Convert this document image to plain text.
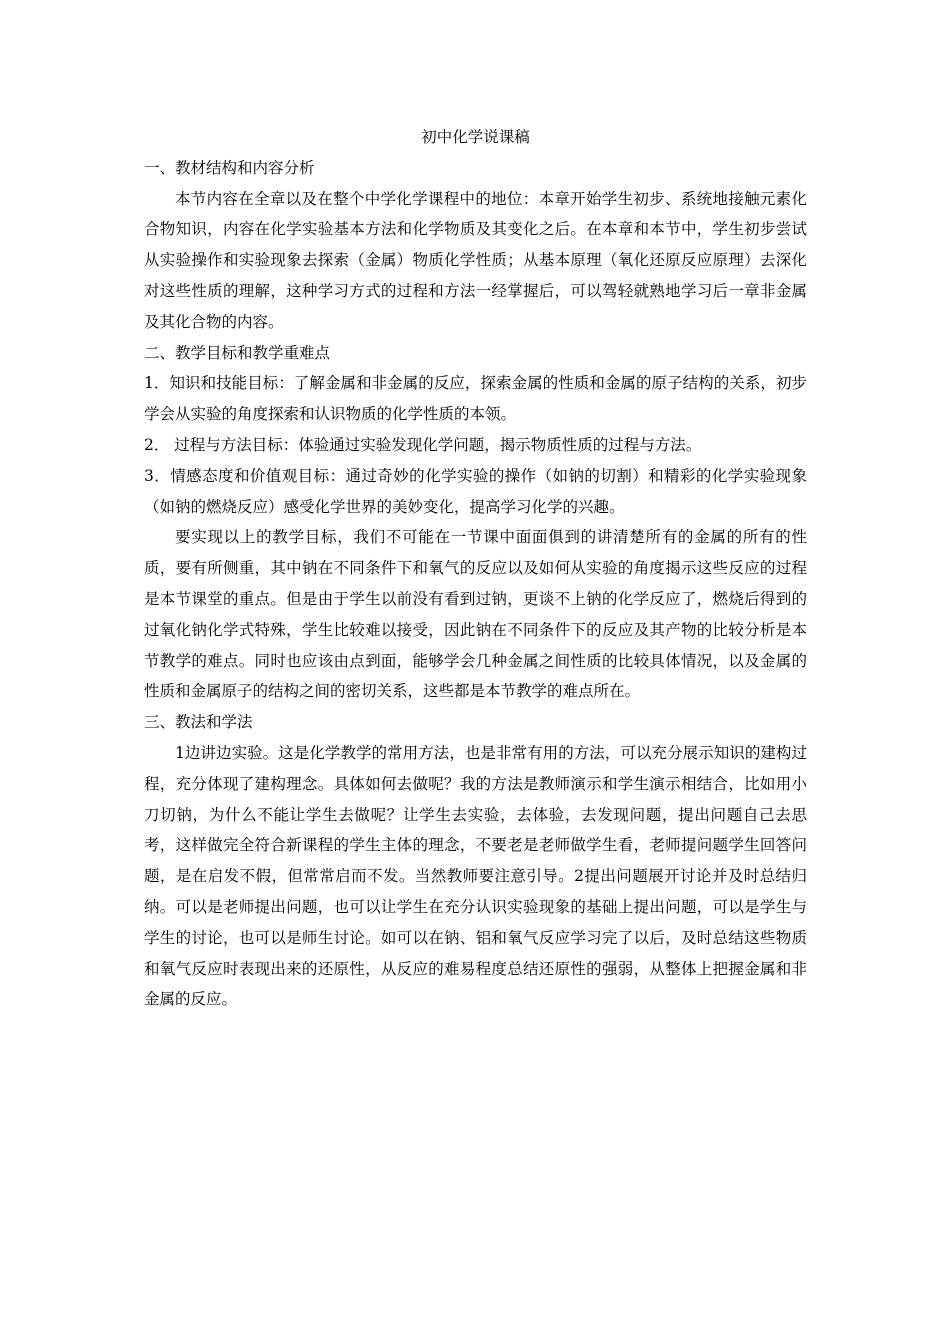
初中化学说课稿

一、教材结构和内容分析

本节内容在全章以及在整个中学化学课程中的地位：本章开始学生初步、系统地接触元素化合物知识，内容在化学实验基本方法和化学物质及其变化之后。在本章和本节中，学生初步尝试从实验操作和实验现象去探索（金属）物质化学性质；从基本原理（氧化还原反应原理）去深化对这些性质的理解，这种学习方式的过程和方法一经掌握后，可以驾轻就熟地学习后一章非金属及其化合物的内容。

二、教学目标和教学重难点

1．知识和技能目标：了解金属和非金属的反应，探索金属的性质和金属的原子结构的关系，初步学会从实验的角度探索和认识物质的化学性质的本领。

2． 过程与方法目标：体验通过实验发现化学问题，揭示物质性质的过程与方法。

3．情感态度和价值观目标：通过奇妙的化学实验的操作（如钠的切割）和精彩的化学实验现象（如钠的燃烧反应）感受化学世界的美妙变化，提高学习化学的兴趣。

要实现以上的教学目标，我们不可能在一节课中面面俱到的讲清楚所有的金属的所有的性质，要有所侧重，其中钠在不同条件下和氧气的反应以及如何从实验的角度揭示这些反应的过程是本节课堂的重点。但是由于学生以前没有看到过钠，更谈不上钠的化学反应了，燃烧后得到的过氧化钠化学式特殊，学生比较难以接受，因此钠在不同条件下的反应及其产物的比较分析是本节教学的难点。同时也应该由点到面，能够学会几种金属之间性质的比较具体情况，以及金属的性质和金属原子的结构之间的密切关系，这些都是本节教学的难点所在。

三、教法和学法

1边讲边实验。这是化学教学的常用方法，也是非常有用的方法，可以充分展示知识的建构过程，充分体现了建构理念。具体如何去做呢？我的方法是教师演示和学生演示相结合，比如用小刀切钠，为什么不能让学生去做呢？让学生去实验，去体验，去发现问题，提出问题自己去思考，这样做完全符合新课程的学生主体的理念，不要老是老师做学生看，老师提问题学生回答问题，是在启发不假，但常常启而不发。当然教师要注意引导。2提出问题展开讨论并及时总结归纳。可以是老师提出问题，也可以让学生在充分认识实验现象的基础上提出问题，可以是学生与学生的讨论，也可以是师生讨论。如可以在钠、铝和氧气反应学习完了以后，及时总结这些物质和氧气反应时表现出来的还原性，从反应的难易程度总结还原性的强弱，从整体上把握金属和非金属的反应。
